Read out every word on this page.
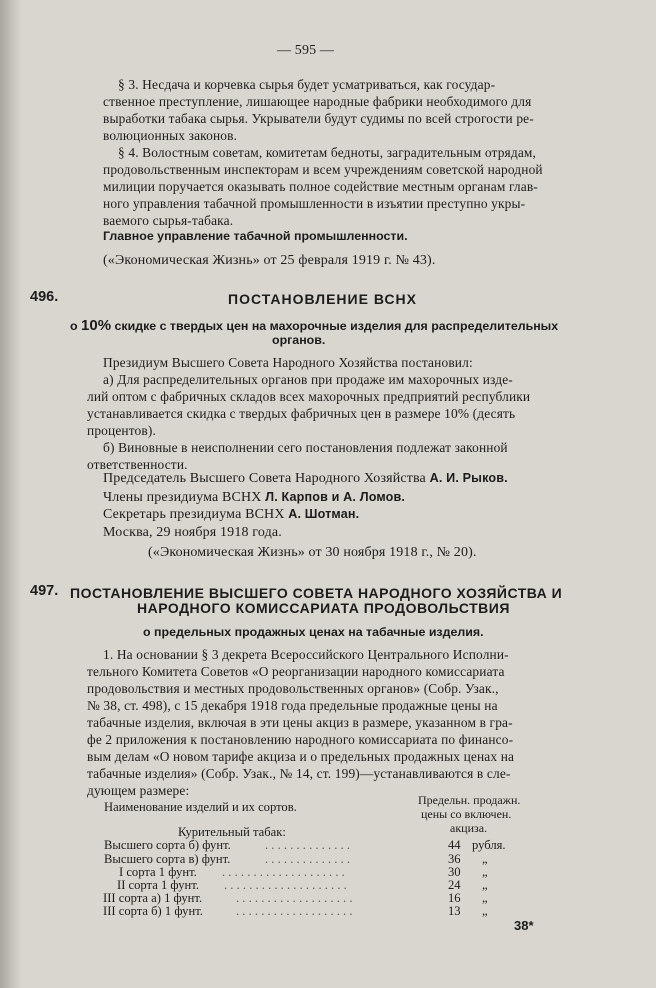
— 595 —
§ 3. Несдача и корчевка сырья будет усматриваться, как государ-
ственное преступление, лишающее народные фабрики необходимого для
выработки табака сырья. Укрыватели будут судимы по всей строгости ре-
волюционных законов.
§ 4. Волостным советам, комитетам бедноты, заградительным отрядам,
продовольственным инспекторам и всем учреждениям советской народной
милиции поручается оказывать полное содействие местным органам глав-
ного управления табачной промышленности в изъятии преступно укры-
ваемого сырья-табака.
Главное управление табачной промышленности.
(«Экономическая Жизнь» от 25 февраля 1919 г. № 43).
496.	ПОСТАНОВЛЕНИЕ ВСНХ
о 10% скидке с твердых цен на махорочные изделия для распределительных
органов.
Президиум Высшего Совета Народного Хозяйства постановил:
а) Для распределительных органов при продаже им махорочных изде-
лий оптом с фабричных складов всех махорочных предприятий республики
устанавливается скидка с твердых фабричных цен в размере 10% (десять
процентов).
б) Виновные в неисполнении сего постановления подлежат законной
ответственности.
Председатель Высшего Совета Народного Хозяйства А. И. Рыков.
Члены президиума ВСНХ Л. Карпов и А. Ломов.
Секретарь президиума ВСНХ А. Шотман.
Москва, 29 ноября 1918 года.
(«Экономическая Жизнь» от 30 ноября 1918 г., № 20).
497. ПОСТАНОВЛЕНИЕ ВЫСШЕГО СОВЕТА НАРОДНОГО ХОЗЯЙСТВА И
НАРОДНОГО КОМИССАРИАТА ПРОДОВОЛЬСТВИЯ
о предельных продажных ценах на табачные изделия.
1. На основании § 3 декрета Всероссийского Центрального Исполни-
тельного Комитета Советов «О реорганизации народного комиссариата
продовольствия и местных продовольственных органов» (Собр. Узак.,
№ 38, ст. 498), с 15 декабря 1918 года предельные продажные цены на
табачные изделия, включая в эти цены акциз в размере, указанном в гра-
фе 2 приложения к постановлению народного комиссариата по финансо-
вым делам «О новом тарифе акциза и о предельных продажных ценах на
табачные изделия» (Собр. Узак., № 14, ст. 199)—устанавливаются в сле-
дующем размере:
Наименование изделий и их сортов.	Предельн. продажн.
цены со включен.
акциза.
Курительный табак:
Высшего сорта б) фунт.	. . . . . . . . . . . . . .	44 рубля.
Высшего сорта в) фунт.	. . . . . . . . . . . . . .	36 „
I сорта 1 фунт. . . . . . . . . . . . . . . . . . . . .	30 „
II сорта 1 фунт. . . . . . . . . . . . . . . . . . . . .	24 „
III сорта а) 1 фунт.	. . . . . . . . . . . . . . . . . . .	16 „
III сорта б) 1 фунт.	. . . . . . . . . . . . . . . . . . .	13 „
38*
